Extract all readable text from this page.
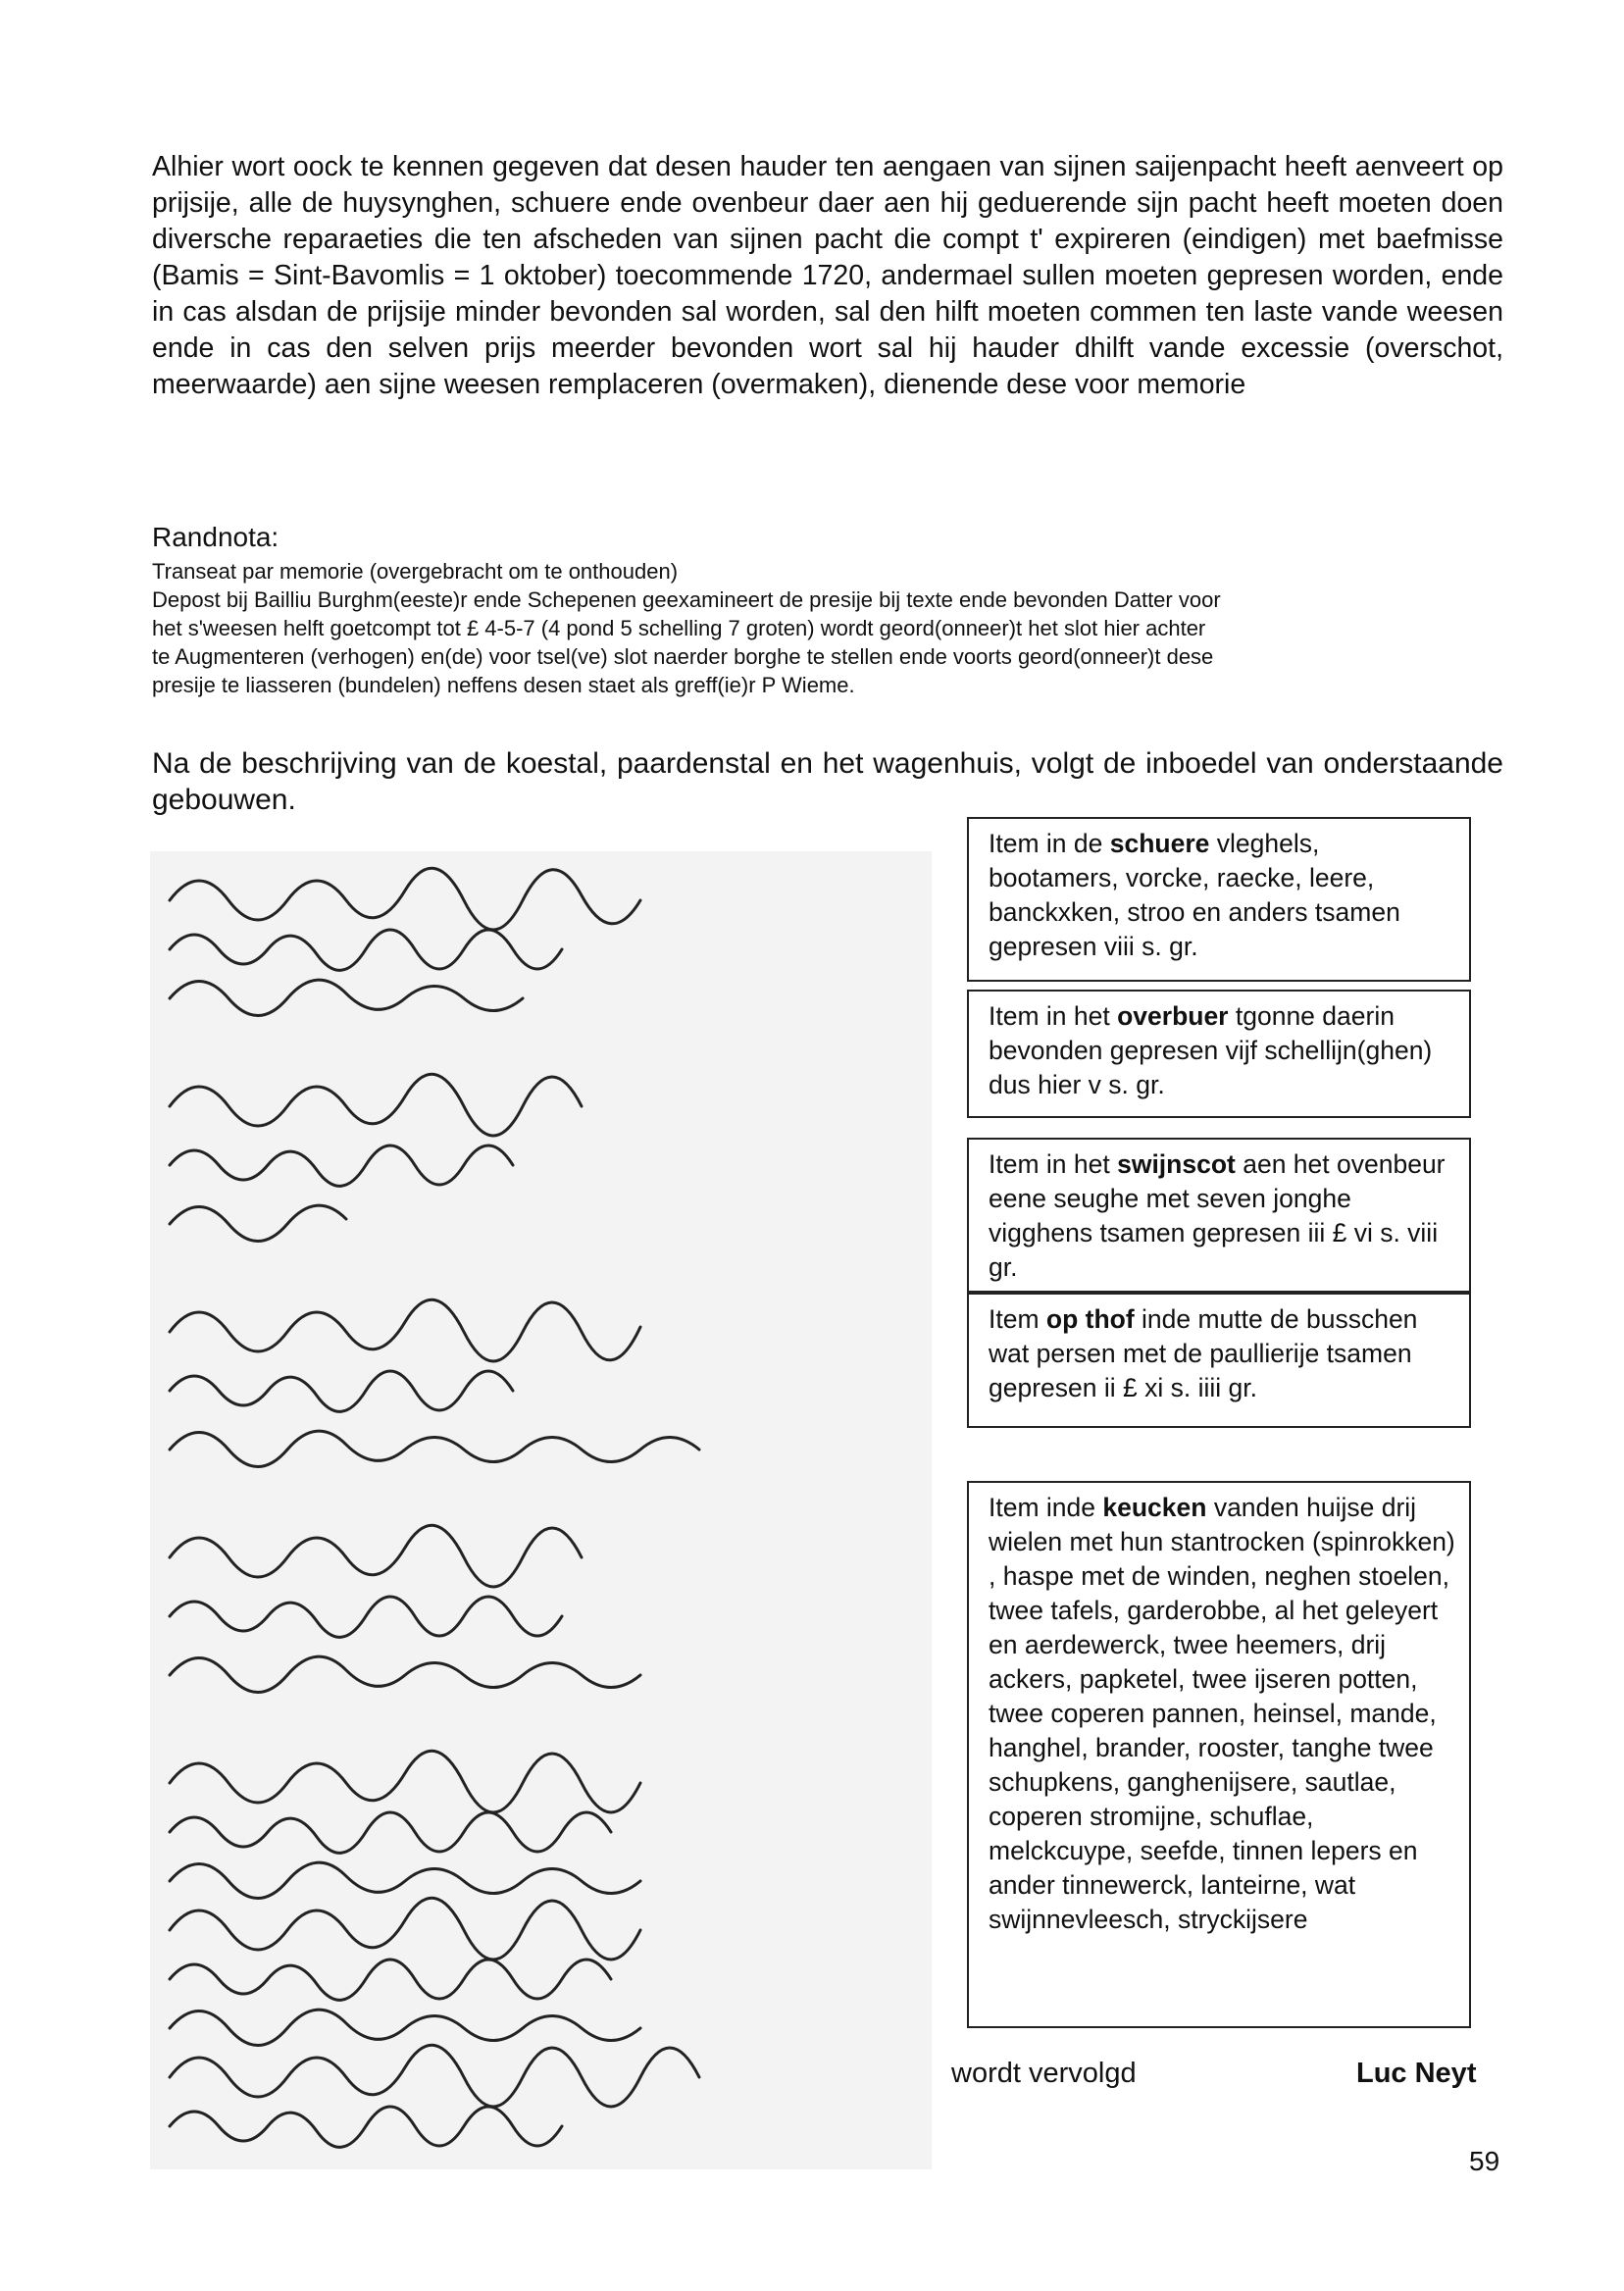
Alhier wort oock te kennen gegeven dat desen hauder ten aengaen van sijnen saijenpacht heeft aenveert op prijsije, alle de huysynghen, schuere ende ovenbeur daer aen hij geduerende sijn pacht heeft moeten doen diversche reparaeties die ten afscheden van sijnen pacht die compt t' expireren (eindigen) met baefmisse (Bamis = Sint-Bavomlis = 1 oktober) toecommende 1720, andermael sullen moeten gepresen worden, ende in cas alsdan de prijsije minder bevonden sal worden, sal den hilft moeten commen ten laste vande weesen ende in cas den selven prijs meerder bevonden wort sal hij hauder dhilft vande excessie (overschot, meerwaarde) aen sijne weesen remplaceren (overmaken), dienende dese voor memorie

Randnota:

Transeat par memorie (overgebracht om te onthouden)
Depost bij Bailliu Burghm(eeste)r ende Schepenen geexamineert de presije bij texte ende bevonden Datter voor
het s'weesen helft goetcompt tot £ 4-5-7 (4 pond 5 schelling 7 groten) wordt geord(onneer)t het slot hier achter
te Augmenteren (verhogen) en(de) voor tsel(ve) slot naerder borghe te stellen ende voorts geord(onneer)t dese
presije te liasseren (bundelen) neffens desen staet als greff(ie)r P Wieme.

Na de beschrijving van de koestal, paardenstal en het wagenhuis, volgt de inboedel van onderstaande gebouwen.

Item in de schuere vleghels, bootamers, vorcke, raecke, leere, banckxken, stroo en anders tsamen gepresen viii s. gr.
Item in het overbuer tgonne daerin bevonden gepresen vijf schellijn(ghen) dus hier v s. gr.
Item in het swijnscot aen het ovenbeur eene seughe met seven jonghe vigghens tsamen gepresen iii £ vi s. viii gr.
Item op thof inde mutte de busschen wat persen met de paullierije tsamen gepresen ii £ xi s. iiii gr.
Item inde keucken vanden huijse drij wielen met hun stantrocken (spinrokken) , haspe met de winden, neghen stoelen, twee tafels, garderobbe, al het geleyert en aerdewerck, twee heemers, drij ackers, papketel, twee ijseren potten, twee coperen pannen, heinsel, mande, hanghel, brander, rooster, tanghe twee schupkens, ganghenijsere, sautlae, coperen stromijne, schuflae, melckcuype, seefde, tinnen lepers en ander tinnewerck, lanteirne, wat swijnnevleesch, stryckijsere
wordt vervolgd	Luc Neyt
59
